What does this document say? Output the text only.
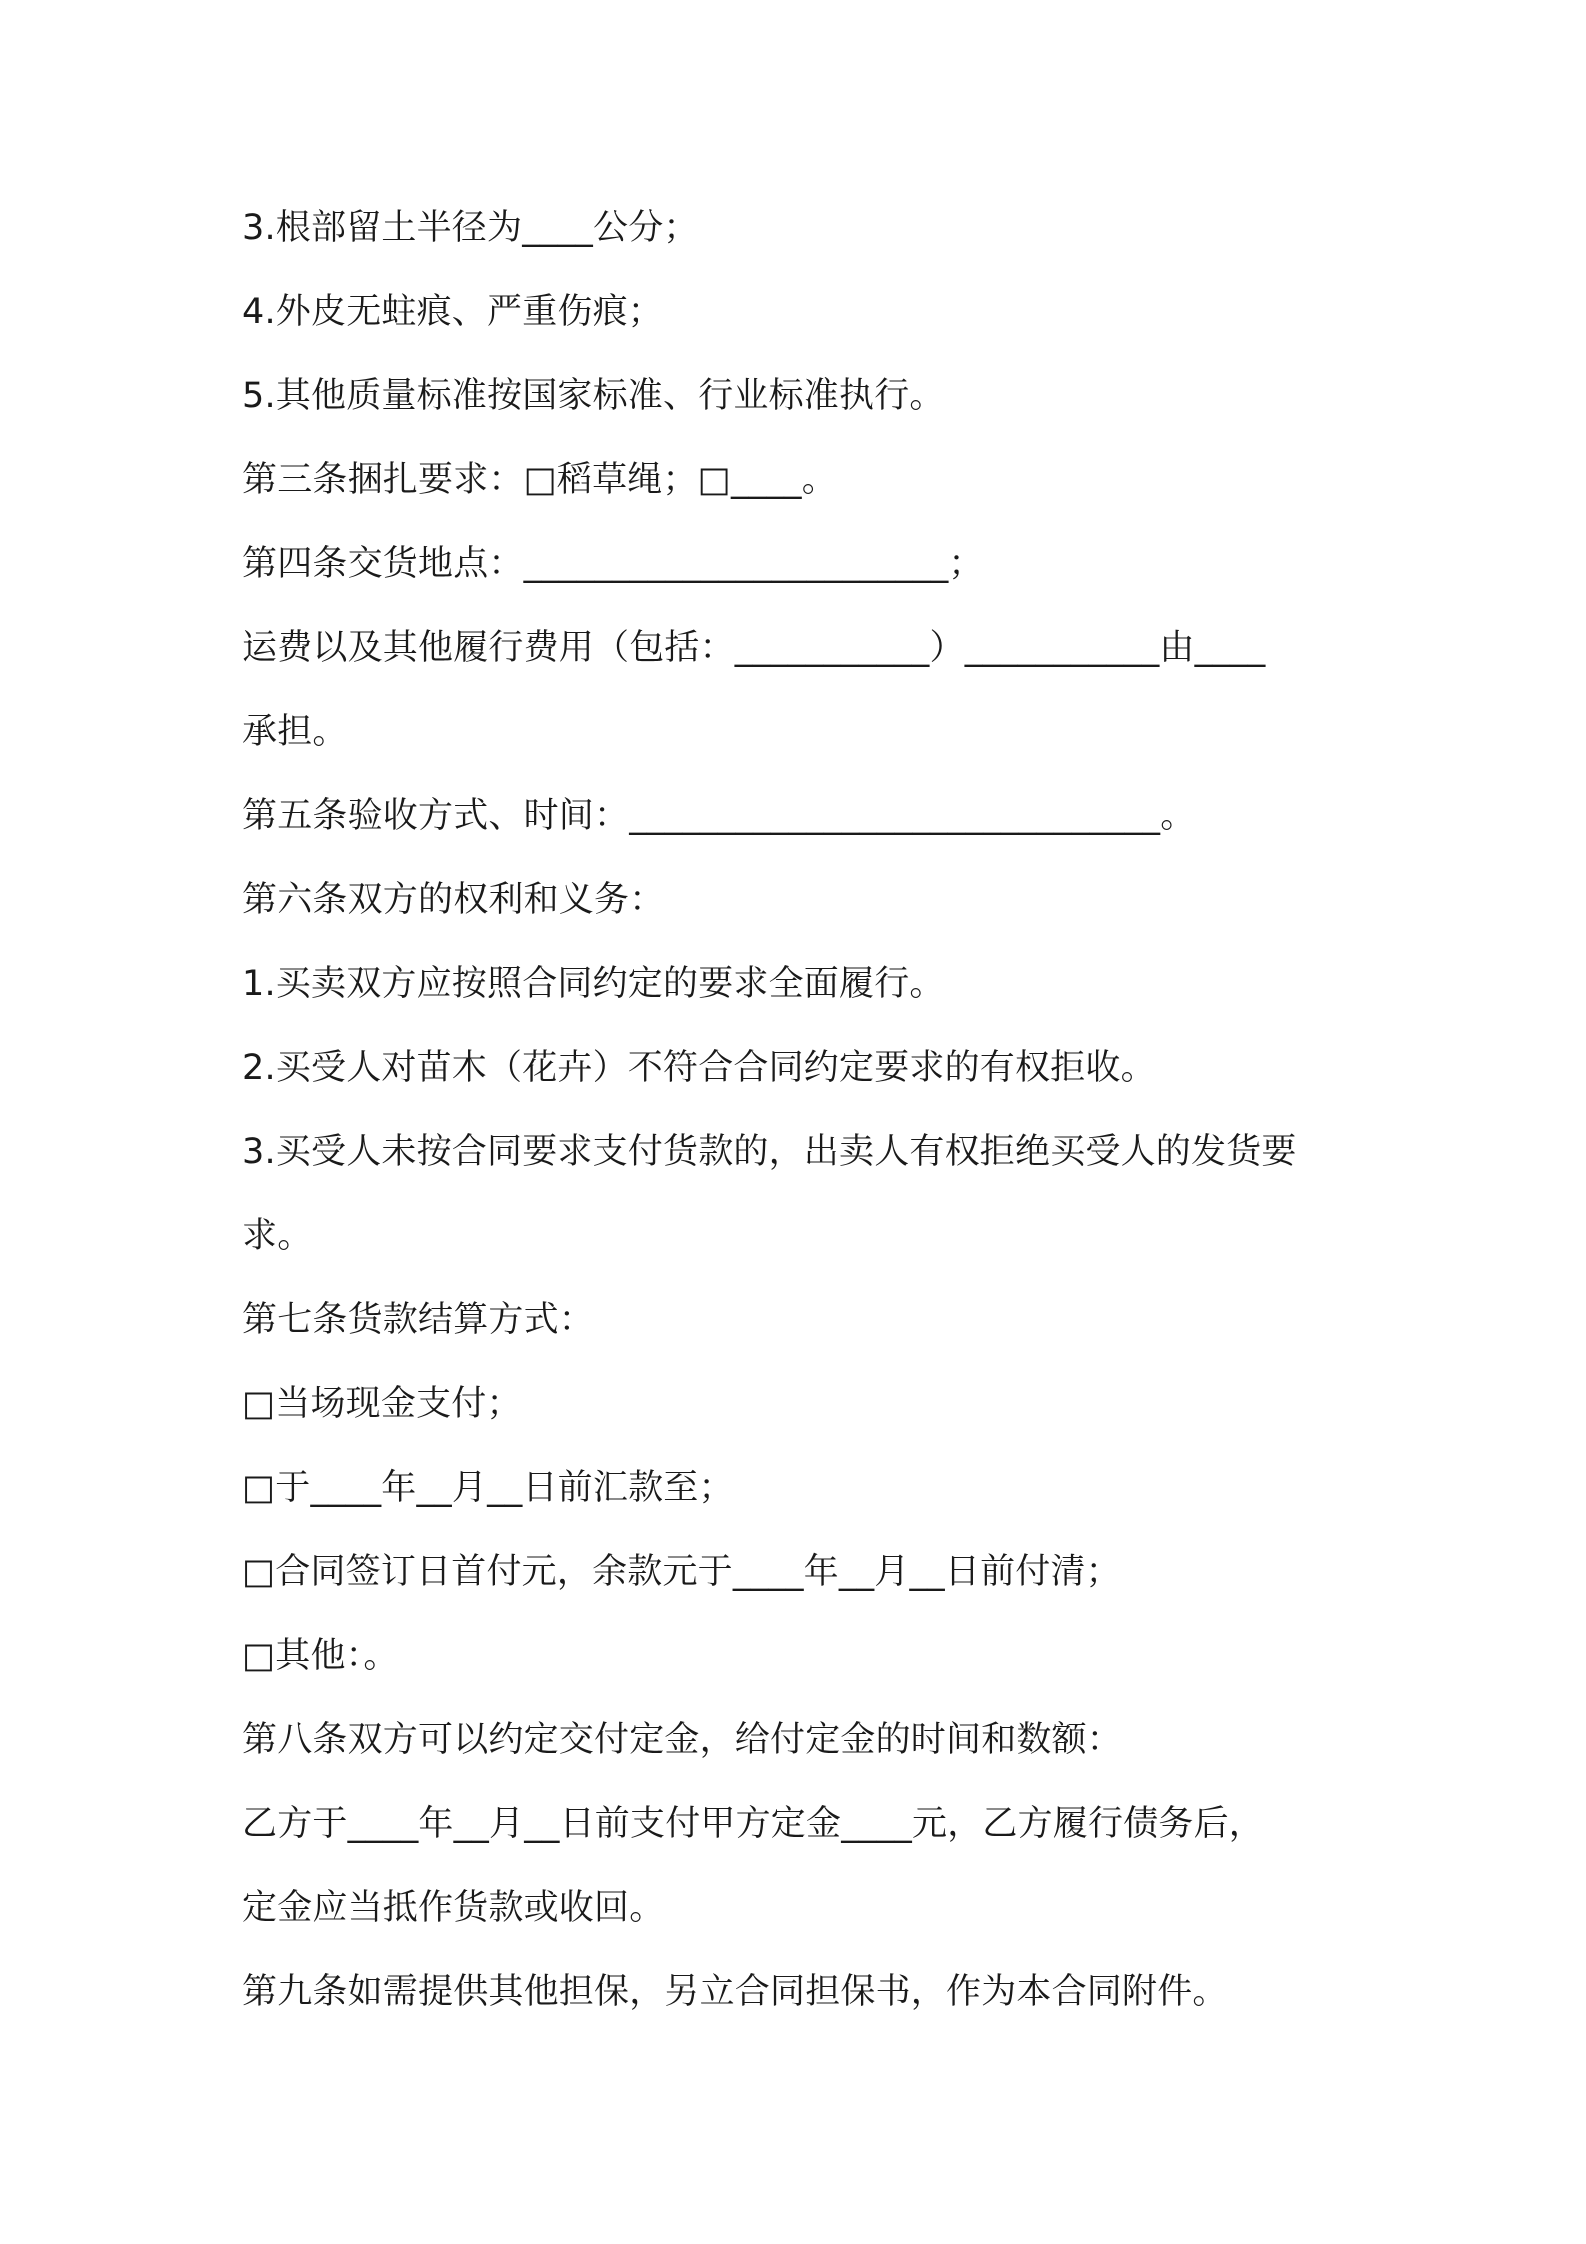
3.根部留土半径为____公分；
4.外皮无蛀痕、严重伤痕；
5.其他质量标准按国家标准、行业标准执行。
第三条捆扎要求：□稻草绳；□____。
第四条交货地点：________________________；
运费以及其他履行费用（包括：___________）___________由____
承担。
第五条验收方式、时间：______________________________。
第六条双方的权利和义务：
1.买卖双方应按照合同约定的要求全面履行。
2.买受人对苗木（花卉）不符合合同约定要求的有权拒收。
3.买受人未按合同要求支付货款的，出卖人有权拒绝买受人的发货要
求。
第七条货款结算方式：
□当场现金支付；
□于____年__月__日前汇款至；
□合同签订日首付元，余款元于____年__月__日前付清；
□其他：。
第八条双方可以约定交付定金，给付定金的时间和数额：
乙方于____年__月__日前支付甲方定金____元，乙方履行债务后，
定金应当抵作货款或收回。
第九条如需提供其他担保，另立合同担保书，作为本合同附件。
